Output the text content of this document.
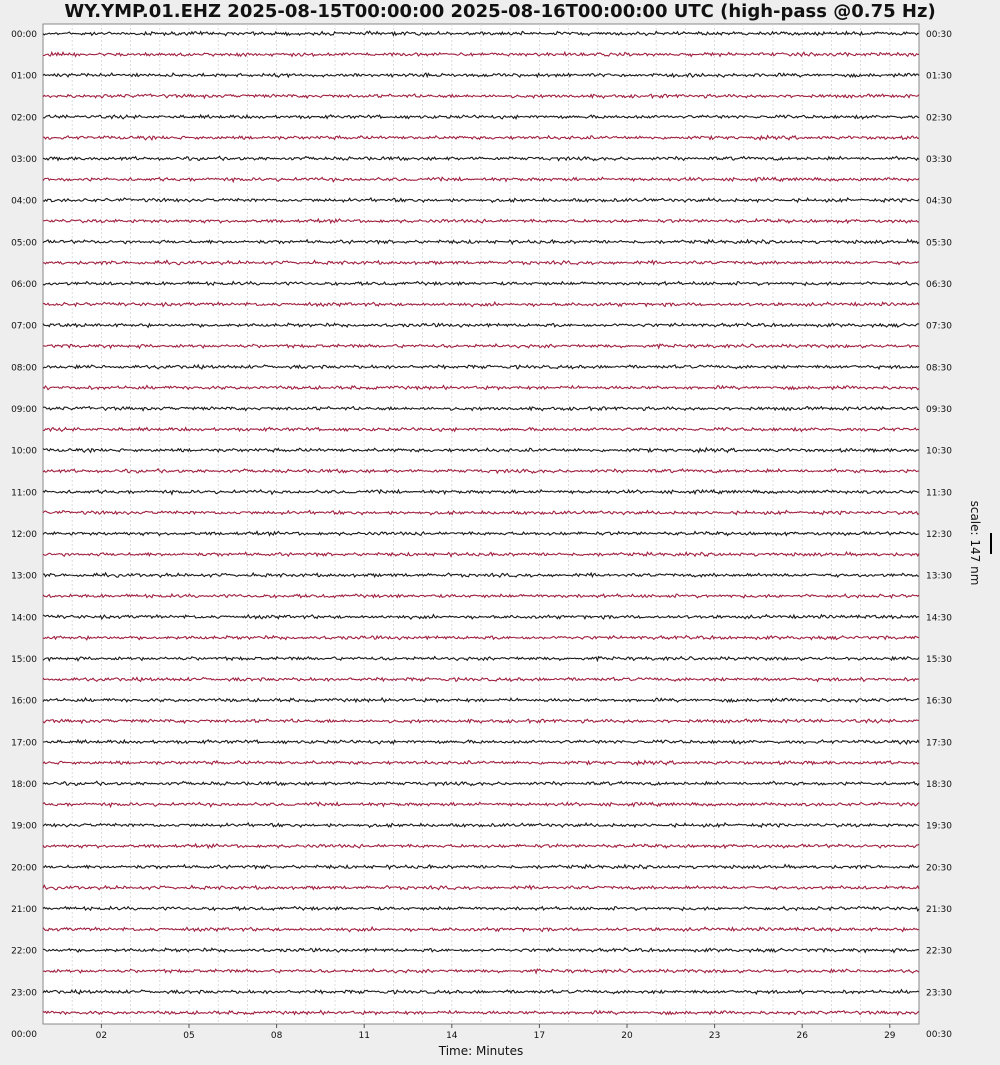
WY.YMP.01.EHZ 2025-08-15T00:00:00 2025-08-16T00:00:00 UTC (high-pass @0.75 Hz)
02	05	08	11	14	17	20	23	26	29
00:00
01:00
02:00
03:00
04:00
05:00
06:00
07:00
08:00
09:00
10:00
11:00
12:00
13:00
14:00
15:00
16:00
17:00
18:00
19:00
20:00
21:00
22:00
23:00
00:00
00:30
01:30
02:30
03:30
04:30
05:30
06:30
07:30
08:30
09:30
10:30
11:30
12:30
13:30
14:30
15:30
16:30
17:30
18:30
19:30
20:30
21:30
22:30
23:30
00:30
Time: Minutes
scale: 147 nm
